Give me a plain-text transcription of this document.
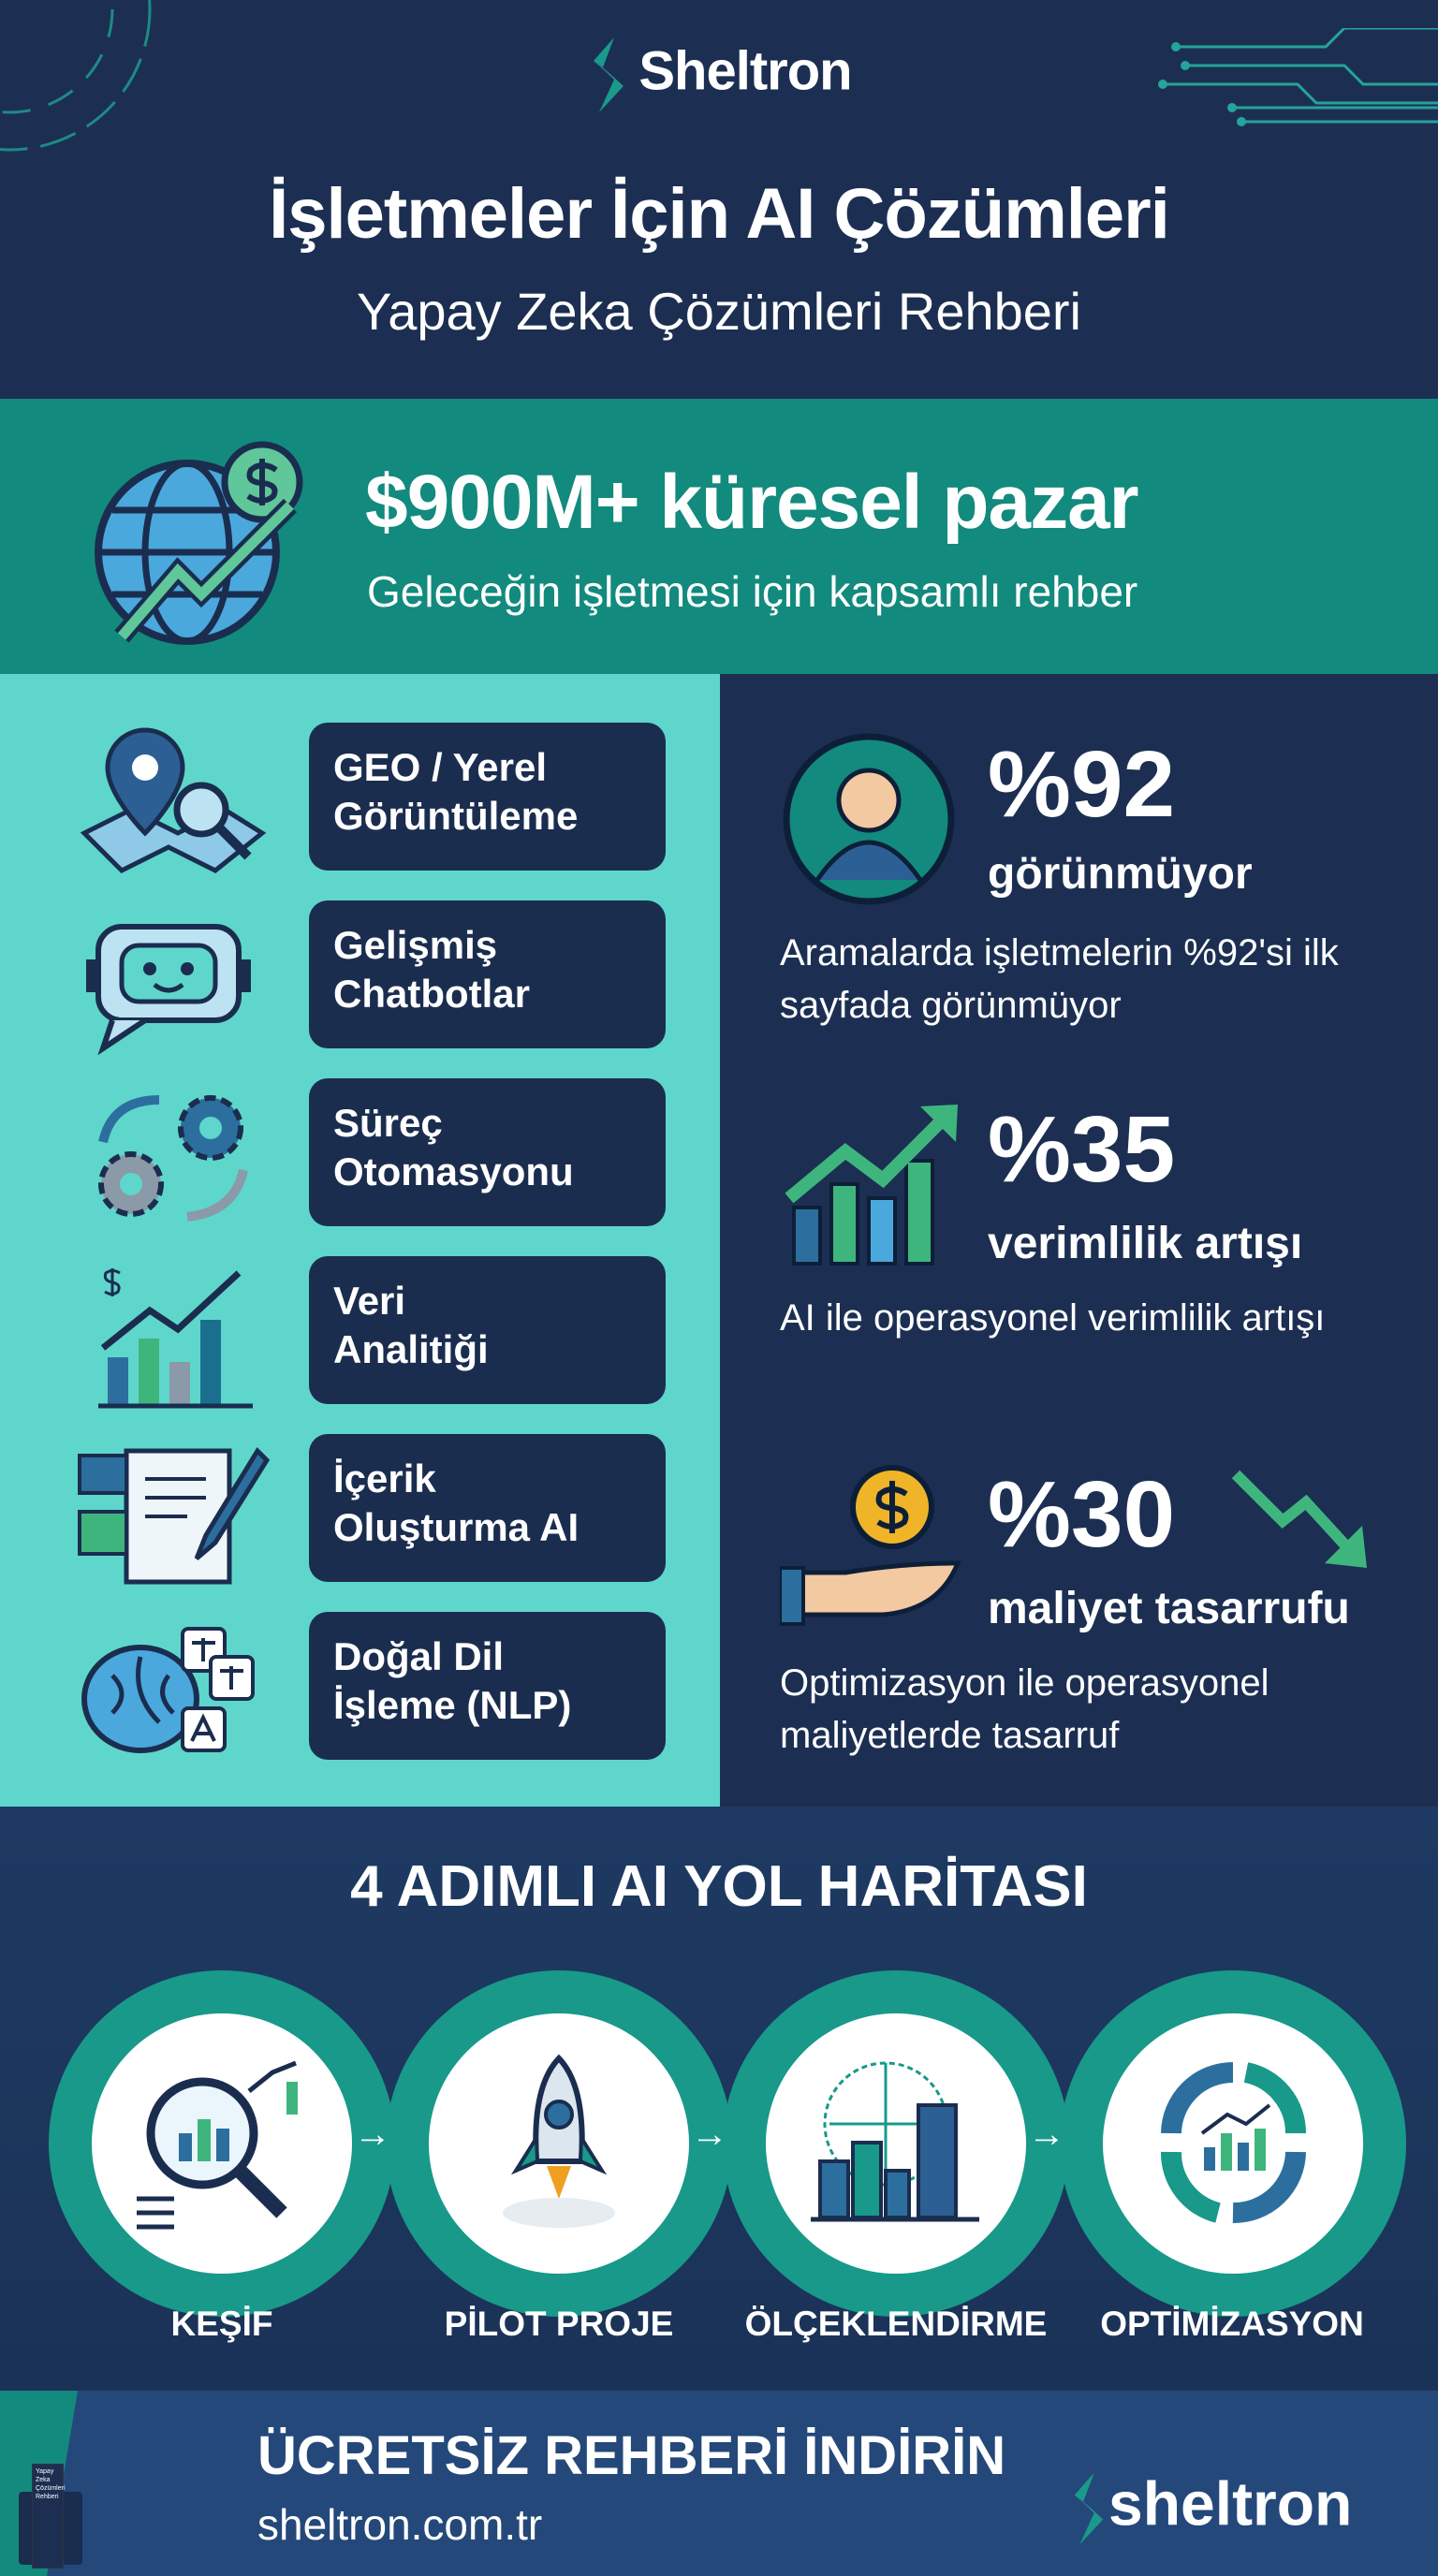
Sheltron
İşletmeler İçin AI Çözümleri
Yapay Zeka Çözümleri Rehberi
$900M+ küresel pazar
Geleceğin işletmesi için kapsamlı rehber
GEO / Yerel
Görüntüleme
Gelişmiş
Chatbotlar
Süreç
Otomasyonu
Veri
Analitiği
İçerik
Oluşturma AI
Doğal Dil
İşleme (NLP)
%92
görünmüyor
Aramalarda işletmelerin %92'si ilk sayfada görünmüyor
%35
verimlilik artışı
AI ile operasyonel verimlilik artışı
%30
maliyet tasarrufu
Optimizasyon ile operasyonel maliyetlerde tasarruf
4 ADIMLI AI YOL HARİTASI
→	→	→
KEŞİF	PİLOT PROJE	ÖLÇEKLENDİRME	OPTİMİZASYON
Yapay Zeka Çözümleri Rehberi
ÜCRETSİZ REHBERİ İNDİRİN
sheltron.com.tr	sheltron
